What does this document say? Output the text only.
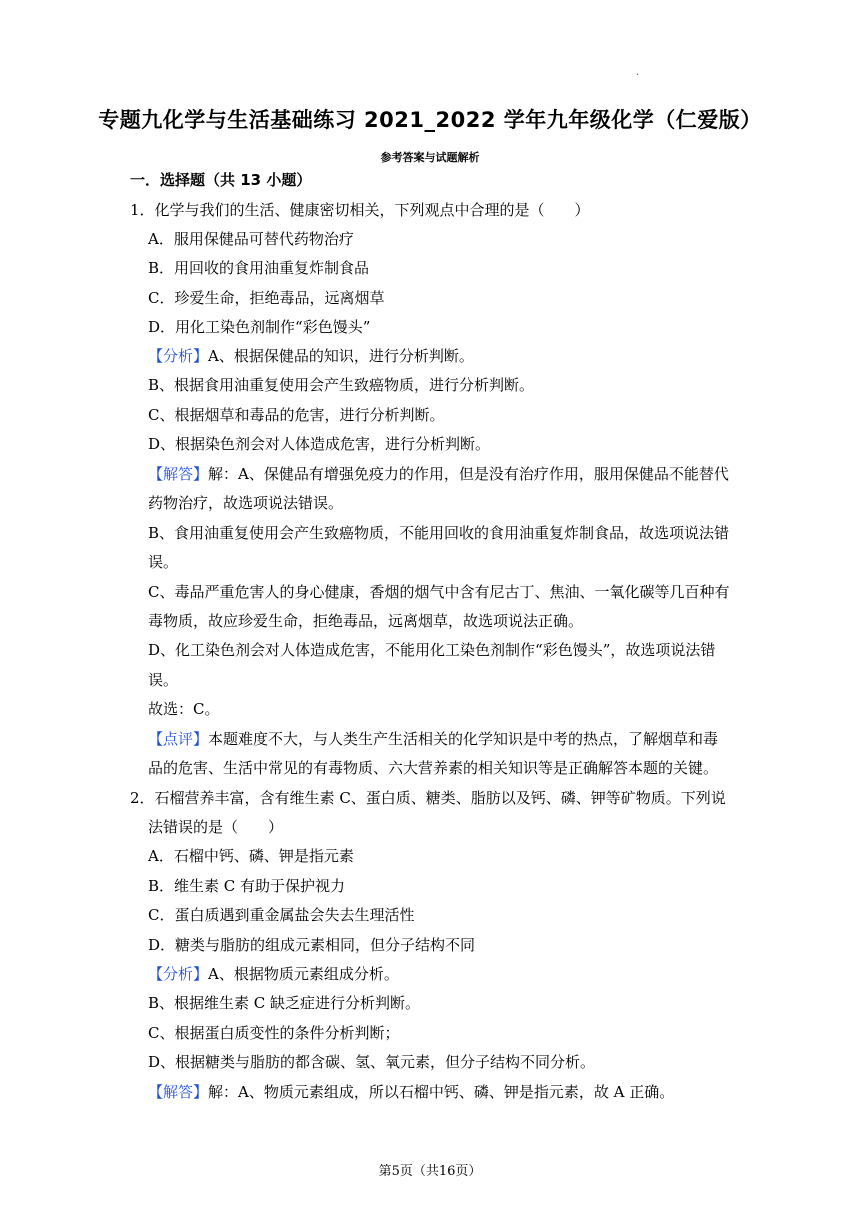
·
专题九化学与生活基础练习 2021_2022 学年九年级化学（仁爱版）
参考答案与试题解析
一．选择题（共 13 小题）
1．化学与我们的生活、健康密切相关，下列观点中合理的是（　　）
A．服用保健品可替代药物治疗
B．用回收的食用油重复炸制食品
C．珍爱生命，拒绝毒品，远离烟草
D．用化工染色剂制作“彩色馒头”
【分析】A、根据保健品的知识，进行分析判断。
B、根据食用油重复使用会产生致癌物质，进行分析判断。
C、根据烟草和毒品的危害，进行分析判断。
D、根据染色剂会对人体造成危害，进行分析判断。
【解答】解：A、保健品有增强免疫力的作用，但是没有治疗作用，服用保健品不能替代
药物治疗，故选项说法错误。
B、食用油重复使用会产生致癌物质，不能用回收的食用油重复炸制食品，故选项说法错
误。
C、毒品严重危害人的身心健康，香烟的烟气中含有尼古丁、焦油、一氧化碳等几百种有
毒物质，故应珍爱生命，拒绝毒品，远离烟草，故选项说法正确。
D、化工染色剂会对人体造成危害，不能用化工染色剂制作“彩色馒头”，故选项说法错
误。
故选：C。
【点评】本题难度不大，与人类生产生活相关的化学知识是中考的热点，了解烟草和毒
品的危害、生活中常见的有毒物质、六大营养素的相关知识等是正确解答本题的关键。
2．石榴营养丰富，含有维生素 C、蛋白质、糖类、脂肪以及钙、磷、钾等矿物质。下列说
法错误的是（　　）
A．石榴中钙、磷、钾是指元素
B．维生素 C 有助于保护视力
C．蛋白质遇到重金属盐会失去生理活性
D．糖类与脂肪的组成元素相同，但分子结构不同
【分析】A、根据物质元素组成分析。
B、根据维生素 C 缺乏症进行分析判断。
C、根据蛋白质变性的条件分析判断；
D、根据糖类与脂肪的都含碳、氢、氧元素，但分子结构不同分析。
【解答】解：A、物质元素组成，所以石榴中钙、磷、钾是指元素，故 A 正确。
第5页（共16页）
